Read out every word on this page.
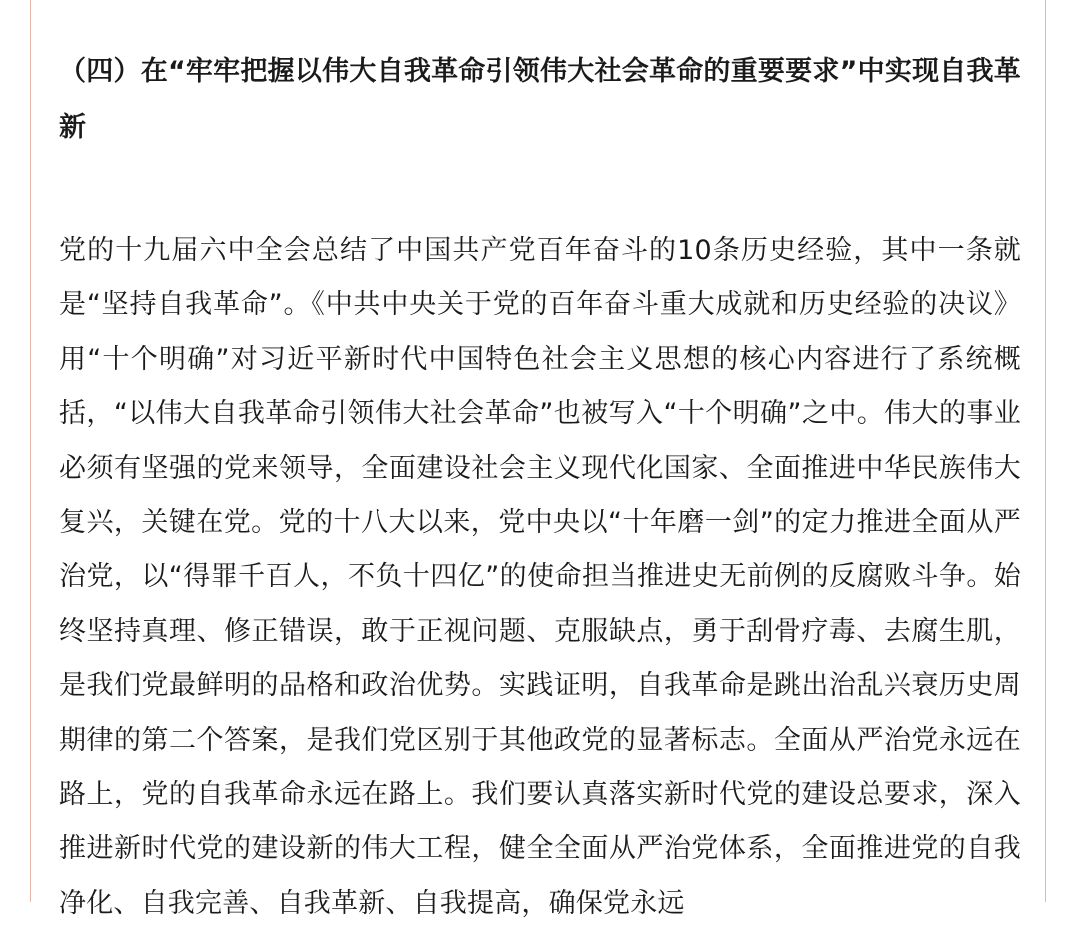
（四）在“牢牢把握以伟大自我革命引领伟大社会革命的重要要求”中实现自我革新

党的十九届六中全会总结了中国共产党百年奋斗的10条历史经验，其中一条就是“坚持自我革命”。《中共中央关于党的百年奋斗重大成就和历史经验的决议》用“十个明确”对习近平新时代中国特色社会主义思想的核心内容进行了系统概括，“以伟大自我革命引领伟大社会革命”也被写入“十个明确”之中。伟大的事业必须有坚强的党来领导，全面建设社会主义现代化国家、全面推进中华民族伟大复兴，关键在党。党的十八大以来，党中央以“十年磨一剑”的定力推进全面从严治党，以“得罪千百人，不负十四亿”的使命担当推进史无前例的反腐败斗争。始终坚持真理、修正错误，敢于正视问题、克服缺点，勇于刮骨疗毒、去腐生肌，是我们党最鲜明的品格和政治优势。实践证明，自我革命是跳出治乱兴衰历史周期律的第二个答案，是我们党区别于其他政党的显著标志。全面从严治党永远在路上，党的自我革命永远在路上。我们要认真落实新时代党的建设总要求，深入推进新时代党的建设新的伟大工程，健全全面从严治党体系，全面推进党的自我净化、自我完善、自我革新、自我提高，确保党永远
